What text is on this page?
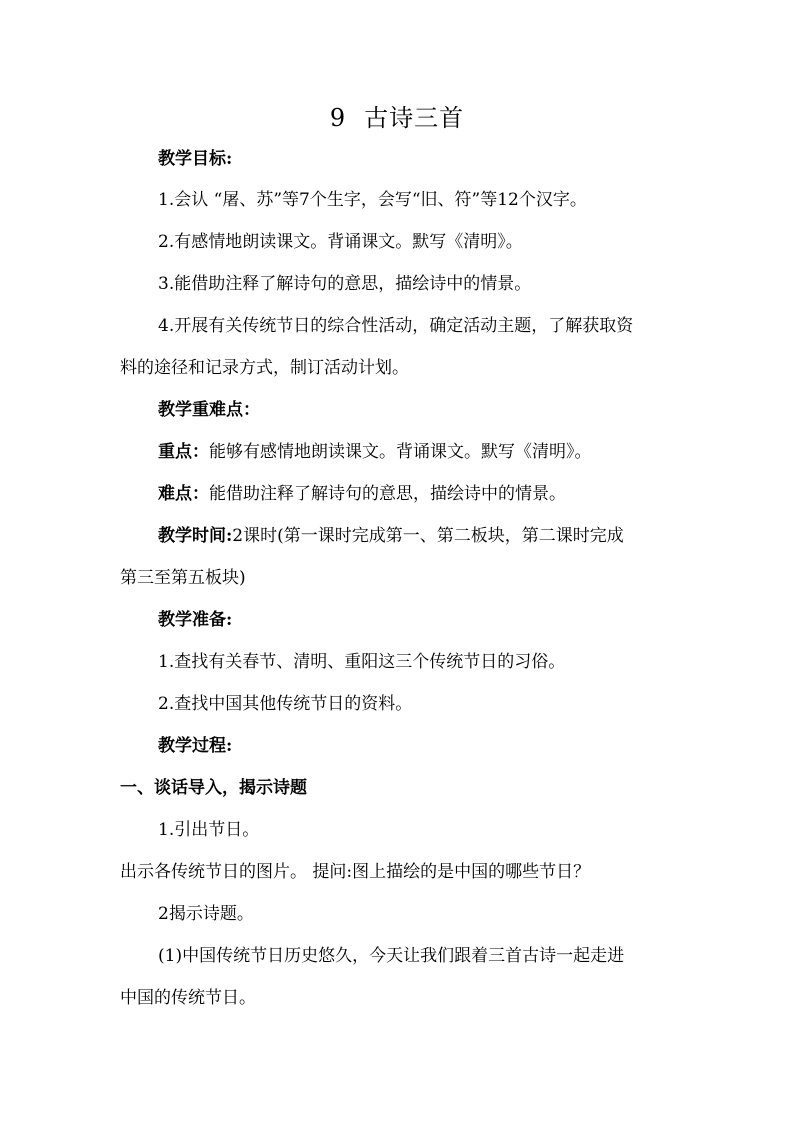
9 古诗三首
教学目标:
1.会认 “屠、苏”等7个生字，会写“旧、符”等12个汉字。
2.有感情地朗读课文。背诵课文。默写《清明》。
3.能借助注释了解诗句的意思，描绘诗中的情景。
4.开展有关传统节日的综合性活动，确定活动主题，了解获取资
料的途径和记录方式，制订活动计划。
教学重难点：
重点：能够有感情地朗读课文。背诵课文。默写《清明》。
难点：能借助注释了解诗句的意思，描绘诗中的情景。
教学时间:2课时(第一课时完成第一、第二板块，第二课时完成
第三至第五板块)
教学准备:
1.查找有关春节、清明、重阳这三个传统节日的习俗。
2.查找中国其他传统节日的资料。
教学过程:
一、谈话导入，揭示诗题
1.引出节日。
出示各传统节日的图片。 提问:图上描绘的是中国的哪些节日？
2揭示诗题。
(1)中国传统节日历史悠久，今天让我们跟着三首古诗一起走进
中国的传统节日。
